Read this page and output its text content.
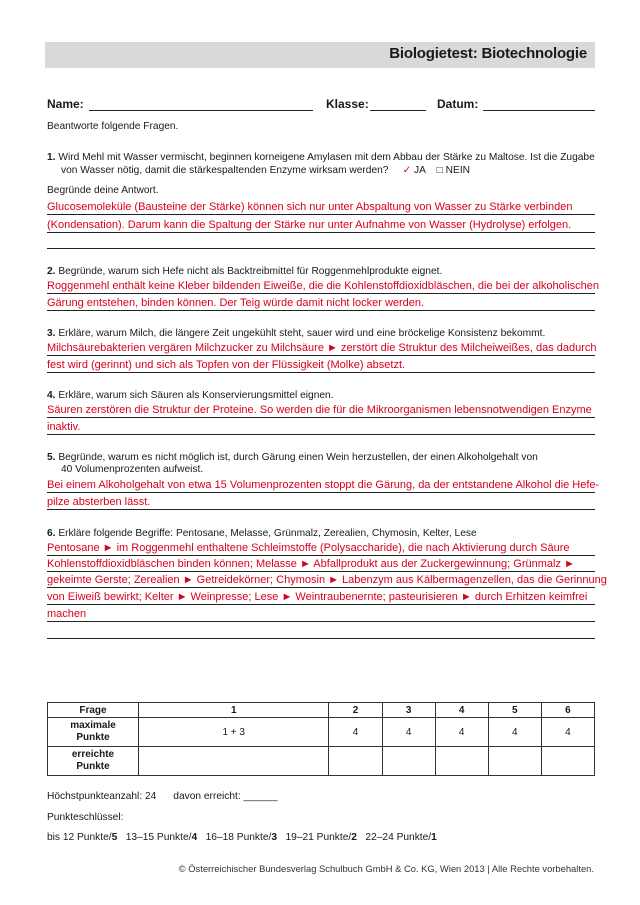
Biologietest: Biotechnologie
Name:	Klasse:	Datum:
Beantworte folgende Fragen.
1. Wird Mehl mit Wasser vermischt, beginnen korneigene Amylasen mit dem Abbau der Stärke zu Maltose. Ist die Zugabe
von Wasser nötig, damit die stärkespaltenden Enzyme wirksam werden? ✓ JA □ NEIN
Begründe deine Antwort.
Glucosemoleküle (Bausteine der Stärke) können sich nur unter Abspaltung von Wasser zu Stärke verbinden
(Kondensation). Darum kann die Spaltung der Stärke nur unter Aufnahme von Wasser (Hydrolyse) erfolgen.
2. Begründe, warum sich Hefe nicht als Backtreibmittel für Roggenmehlprodukte eignet.
Roggenmehl enthält keine Kleber bildenden Eiweiße, die die Kohlenstoffdioxidbläschen, die bei der alkoholischen
Gärung entstehen, binden können. Der Teig würde damit nicht locker werden.
3. Erkläre, warum Milch, die längere Zeit ungekühlt steht, sauer wird und eine bröckelige Konsistenz bekommt.
Milchsäurebakterien vergären Milchzucker zu Milchsäure ► zerstört die Struktur des Milcheiweißes, das dadurch
fest wird (gerinnt) und sich als Topfen von der Flüssigkeit (Molke) absetzt.
4. Erkläre, warum sich Säuren als Konservierungsmittel eignen.
Säuren zerstören die Struktur der Proteine. So werden die für die Mikroorganismen lebensnotwendigen Enzyme
inaktiv.
5. Begründe, warum es nicht möglich ist, durch Gärung einen Wein herzustellen, der einen Alkoholgehalt von
40 Volumenprozenten aufweist.
Bei einem Alkoholgehalt von etwa 15 Volumenprozenten stoppt die Gärung, da der entstandene Alkohol die Hefe-
pilze absterben lässt.
6. Erkläre folgende Begriffe: Pentosane, Melasse, Grünmalz, Zerealien, Chymosin, Kelter, Lese
Pentosane ► im Roggenmehl enthaltene Schleimstoffe (Polysaccharide), die nach Aktivierung durch Säure
Kohlenstoffdioxidbläschen binden können; Melasse ► Abfallprodukt aus der Zuckergewinnung; Grünmalz ►
gekeimte Gerste; Zerealien ► Getreidekörner; Chymosin ► Labenzym aus Kälbermagenzellen, das die Gerinnung
von Eiweiß bewirkt; Kelter ► Weinpresse; Lese ► Weintraubenernte; pasteurisieren ► durch Erhitzen keimfrei
machen
Frage	1	2	3	4	5	6
maximale
Punkte	1 + 3	4	4	4	4	4
erreichte
Punkte						
Höchstpunkteanzahl: 24 davon erreicht: ______
Punkteschlüssel:
bis 12 Punkte/5 13–15 Punkte/4 16–18 Punkte/3 19–21 Punkte/2 22–24 Punkte/1
© Österreichischer Bundesverlag Schulbuch GmbH & Co. KG, Wien 2013 | Alle Rechte vorbehalten.
